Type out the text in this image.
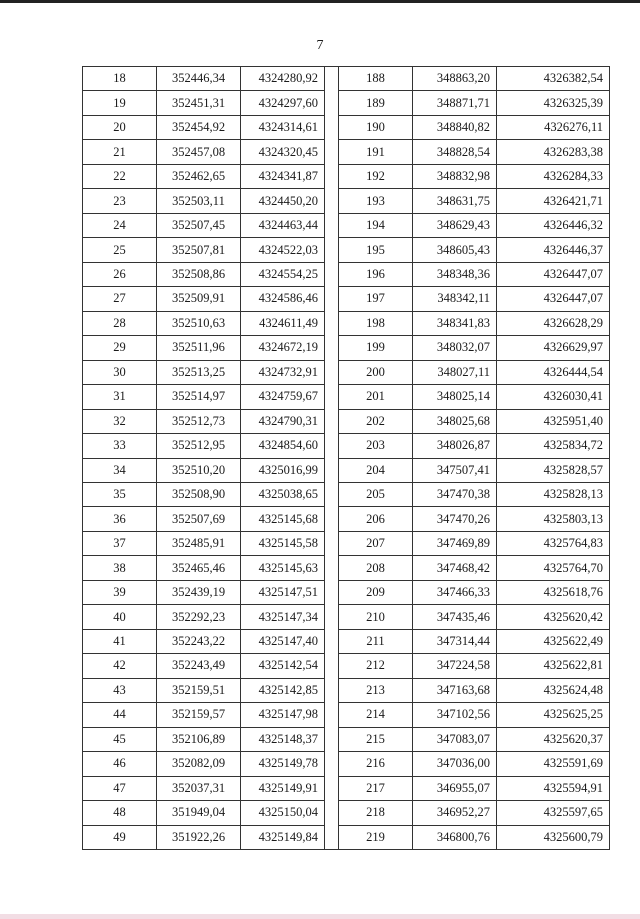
7
18	352446,34	4324280,92		188	348863,20	4326382,54
19	352451,31	4324297,60		189	348871,71	4326325,39
20	352454,92	4324314,61		190	348840,82	4326276,11
21	352457,08	4324320,45		191	348828,54	4326283,38
22	352462,65	4324341,87		192	348832,98	4326284,33
23	352503,11	4324450,20		193	348631,75	4326421,71
24	352507,45	4324463,44		194	348629,43	4326446,32
25	352507,81	4324522,03		195	348605,43	4326446,37
26	352508,86	4324554,25		196	348348,36	4326447,07
27	352509,91	4324586,46		197	348342,11	4326447,07
28	352510,63	4324611,49		198	348341,83	4326628,29
29	352511,96	4324672,19		199	348032,07	4326629,97
30	352513,25	4324732,91		200	348027,11	4326444,54
31	352514,97	4324759,67		201	348025,14	4326030,41
32	352512,73	4324790,31		202	348025,68	4325951,40
33	352512,95	4324854,60		203	348026,87	4325834,72
34	352510,20	4325016,99		204	347507,41	4325828,57
35	352508,90	4325038,65		205	347470,38	4325828,13
36	352507,69	4325145,68		206	347470,26	4325803,13
37	352485,91	4325145,58		207	347469,89	4325764,83
38	352465,46	4325145,63		208	347468,42	4325764,70
39	352439,19	4325147,51		209	347466,33	4325618,76
40	352292,23	4325147,34		210	347435,46	4325620,42
41	352243,22	4325147,40		211	347314,44	4325622,49
42	352243,49	4325142,54		212	347224,58	4325622,81
43	352159,51	4325142,85		213	347163,68	4325624,48
44	352159,57	4325147,98		214	347102,56	4325625,25
45	352106,89	4325148,37		215	347083,07	4325620,37
46	352082,09	4325149,78		216	347036,00	4325591,69
47	352037,31	4325149,91		217	346955,07	4325594,91
48	351949,04	4325150,04		218	346952,27	4325597,65
49	351922,26	4325149,84		219	346800,76	4325600,79
